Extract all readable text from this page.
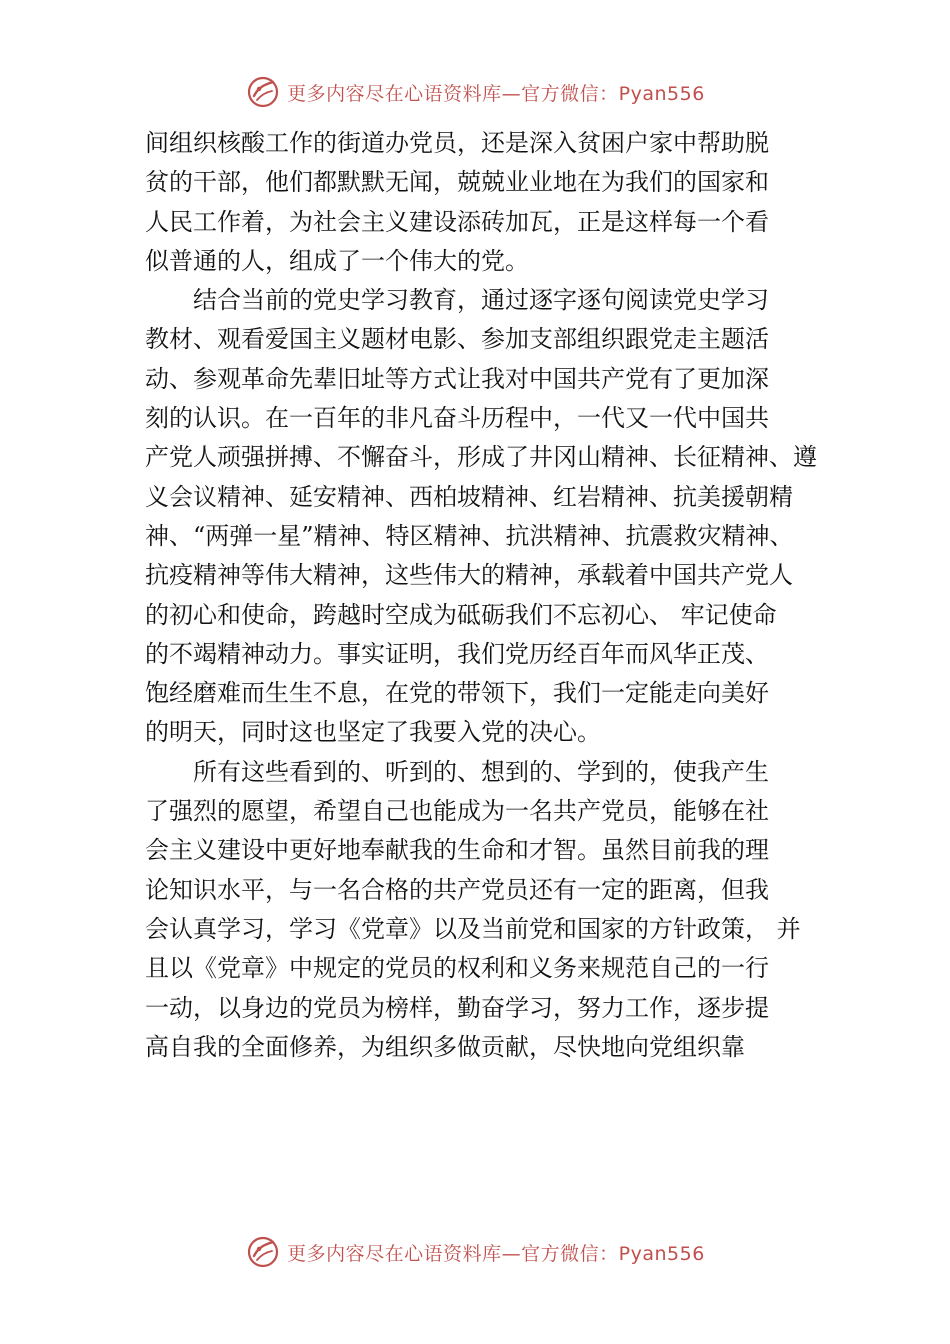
更多内容尽在心语资料库—官方微信：Pyan556
间组织核酸工作的街道办党员，还是深入贫困户家中帮助脱
贫的干部，他们都默默无闻，兢兢业业地在为我们的国家和
人民工作着，为社会主义建设添砖加瓦，正是这样每一个看
似普通的人，组成了一个伟大的党。
结合当前的党史学习教育，通过逐字逐句阅读党史学习
教材、观看爱国主义题材电影、参加支部组织跟党走主题活
动、参观革命先辈旧址等方式让我对中国共产党有了更加深
刻的认识。在一百年的非凡奋斗历程中，一代又一代中国共
产党人顽强拼搏、不懈奋斗，形成了井冈山精神、长征精神、遵
义会议精神、延安精神、西柏坡精神、红岩精神、抗美援朝精
神、“两弹一星”精神、特区精神、抗洪精神、抗震救灾精神、
抗疫精神等伟大精神，这些伟大的精神，承载着中国共产党人
的初心和使命，跨越时空成为砥砺我们不忘初心、 牢记使命
的不竭精神动力。事实证明，我们党历经百年而风华正茂、
饱经磨难而生生不息，在党的带领下，我们一定能走向美好
的明天，同时这也坚定了我要入党的决心。
所有这些看到的、听到的、想到的、学到的，使我产生
了强烈的愿望，希望自己也能成为一名共产党员，能够在社
会主义建设中更好地奉献我的生命和才智。虽然目前我的理
论知识水平，与一名合格的共产党员还有一定的距离，但我
会认真学习，学习《党章》以及当前党和国家的方针政策， 并
且以《党章》中规定的党员的权利和义务来规范自己的一行
一动，以身边的党员为榜样，勤奋学习，努力工作，逐步提
高自我的全面修养，为组织多做贡献，尽快地向党组织靠
更多内容尽在心语资料库—官方微信：Pyan556
